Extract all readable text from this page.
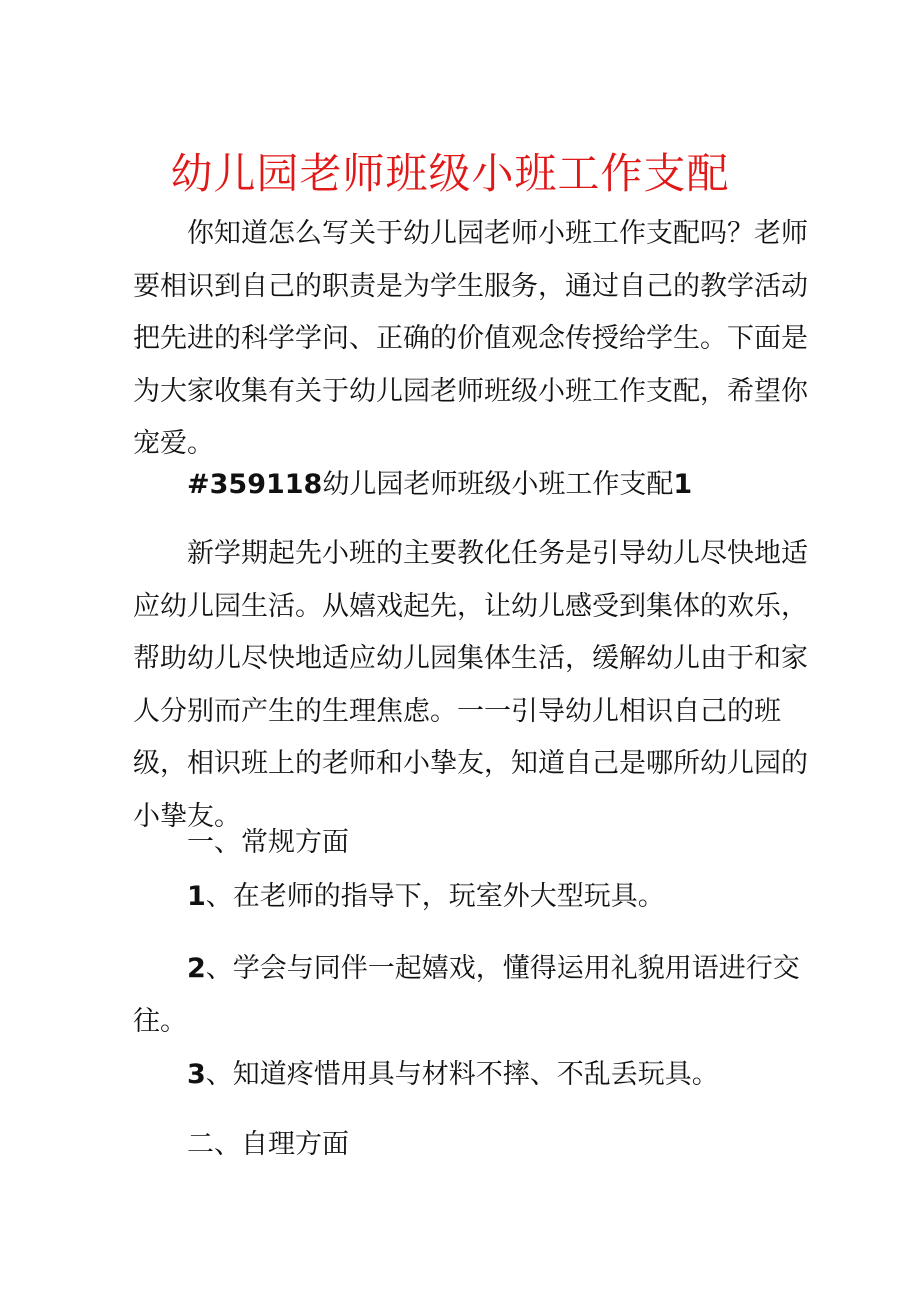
幼儿园老师班级小班工作支配
你知道怎么写关于幼儿园老师小班工作支配吗？老师
要相识到自己的职责是为学生服务，通过自己的教学活动
把先进的科学学问、正确的价值观念传授给学生。下面是
为大家收集有关于幼儿园老师班级小班工作支配，希望你
宠爱。
#359118幼儿园老师班级小班工作支配1
新学期起先小班的主要教化任务是引导幼儿尽快地适
应幼儿园生活。从嬉戏起先，让幼儿感受到集体的欢乐，
帮助幼儿尽快地适应幼儿园集体生活，缓解幼儿由于和家
人分别而产生的生理焦虑。一一引导幼儿相识自己的班
级，相识班上的老师和小挚友，知道自己是哪所幼儿园的
小挚友。
一、常规方面
1、在老师的指导下，玩室外大型玩具。
2、学会与同伴一起嬉戏，懂得运用礼貌用语进行交
往。
3、知道疼惜用具与材料不摔、不乱丢玩具。
二、自理方面
